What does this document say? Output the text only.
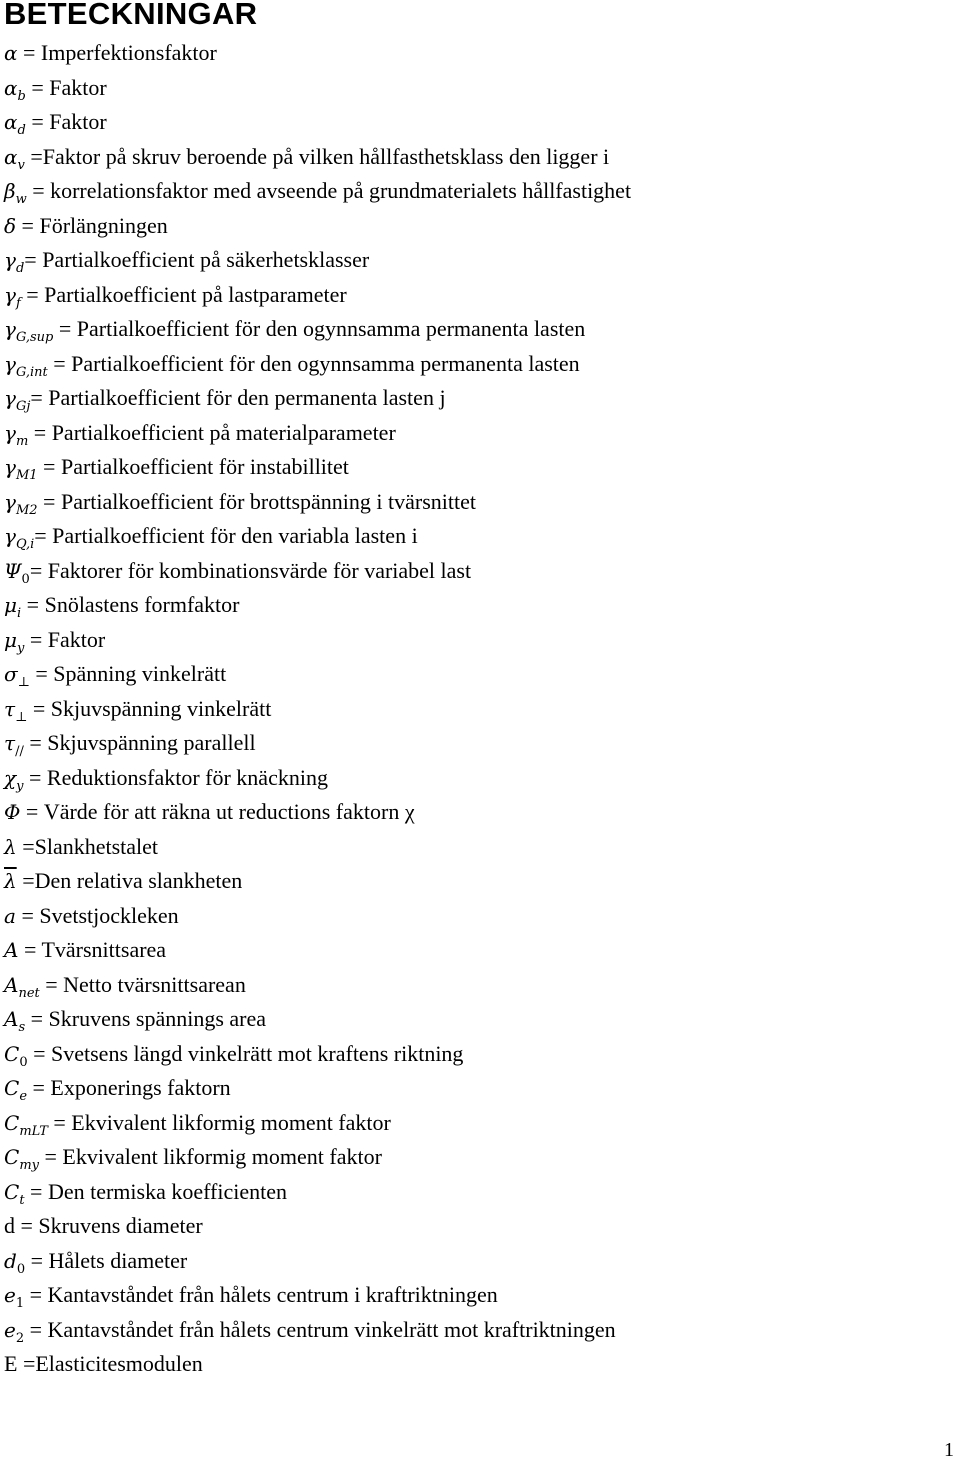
BETECKNINGAR
α = Imperfektionsfaktor
$\alpha_b$ = Faktor
$\alpha_d$ = Faktor
$\alpha_v$ =Faktor på skruv beroende på vilken hållfasthetsklass den ligger i
$\beta_w$ = korrelationsfaktor med avseende på grundmaterialets hållfastighet
δ = Förlängningen
$\gamma_d=$ Partialkoefficient på säkerhetsklasser
$\gamma_f$ = Partialkoefficient på lastparameter
$\gamma_{G,sup}$ = Partialkoefficient för den ogynnsamma permanenta lasten
$\gamma_{G,int}$ = Partialkoefficient för den ogynnsamma permanenta lasten
$\gamma_{Gj}=$ Partialkoefficient för den permanenta lasten j
$\gamma_m$ = Partialkoefficient på materialparameter
$\gamma_{M1}$ = Partialkoefficient för instabillitet
$\gamma_{M2}$ = Partialkoefficient för brottspänning i tvärsnittet
$\gamma_{Q,i}=$ Partialkoefficient för den variabla lasten i
$\Psi_0=$ Faktorer för kombinationsvärde för variabel last
$\mu_i$ = Snölastens formfaktor
$\mu_y$ = Faktor
$\sigma_\perp$ = Spänning vinkelrätt
$\tau_\perp$ = Skjuvspänning vinkelrätt
$\tau_{//}$ = Skjuvspänning parallell
$\chi_y$ = Reduktionsfaktor för knäckning
Φ = Värde för att räkna ut reductions faktorn χ
λ =Slankhetstalet
$\overline{\lambda} =Den$ relativa slankheten
a = Svetstjockleken
A = Tvärsnittsarea
$A_{net}$ = Netto tvärsnittsarean
$A_s$ = Skruvens spännings area
$C_0$ = Svetsens längd vinkelrätt mot kraftens riktning
$C_e$ = Exponerings faktorn
$C_{mLT}$ = Ekvivalent likformig moment faktor
$C_{my}$ = Ekvivalent likformig moment faktor
$C_t$ = Den termiska koefficienten
d = Skruvens diameter
$d_0$ = Hålets diameter
$e_1$ = Kantavståndet från hålets centrum i kraftriktningen
$e_2$ = Kantavståndet från hålets centrum vinkelrätt mot kraftriktningen
E =Elasticitesmodulen
1
